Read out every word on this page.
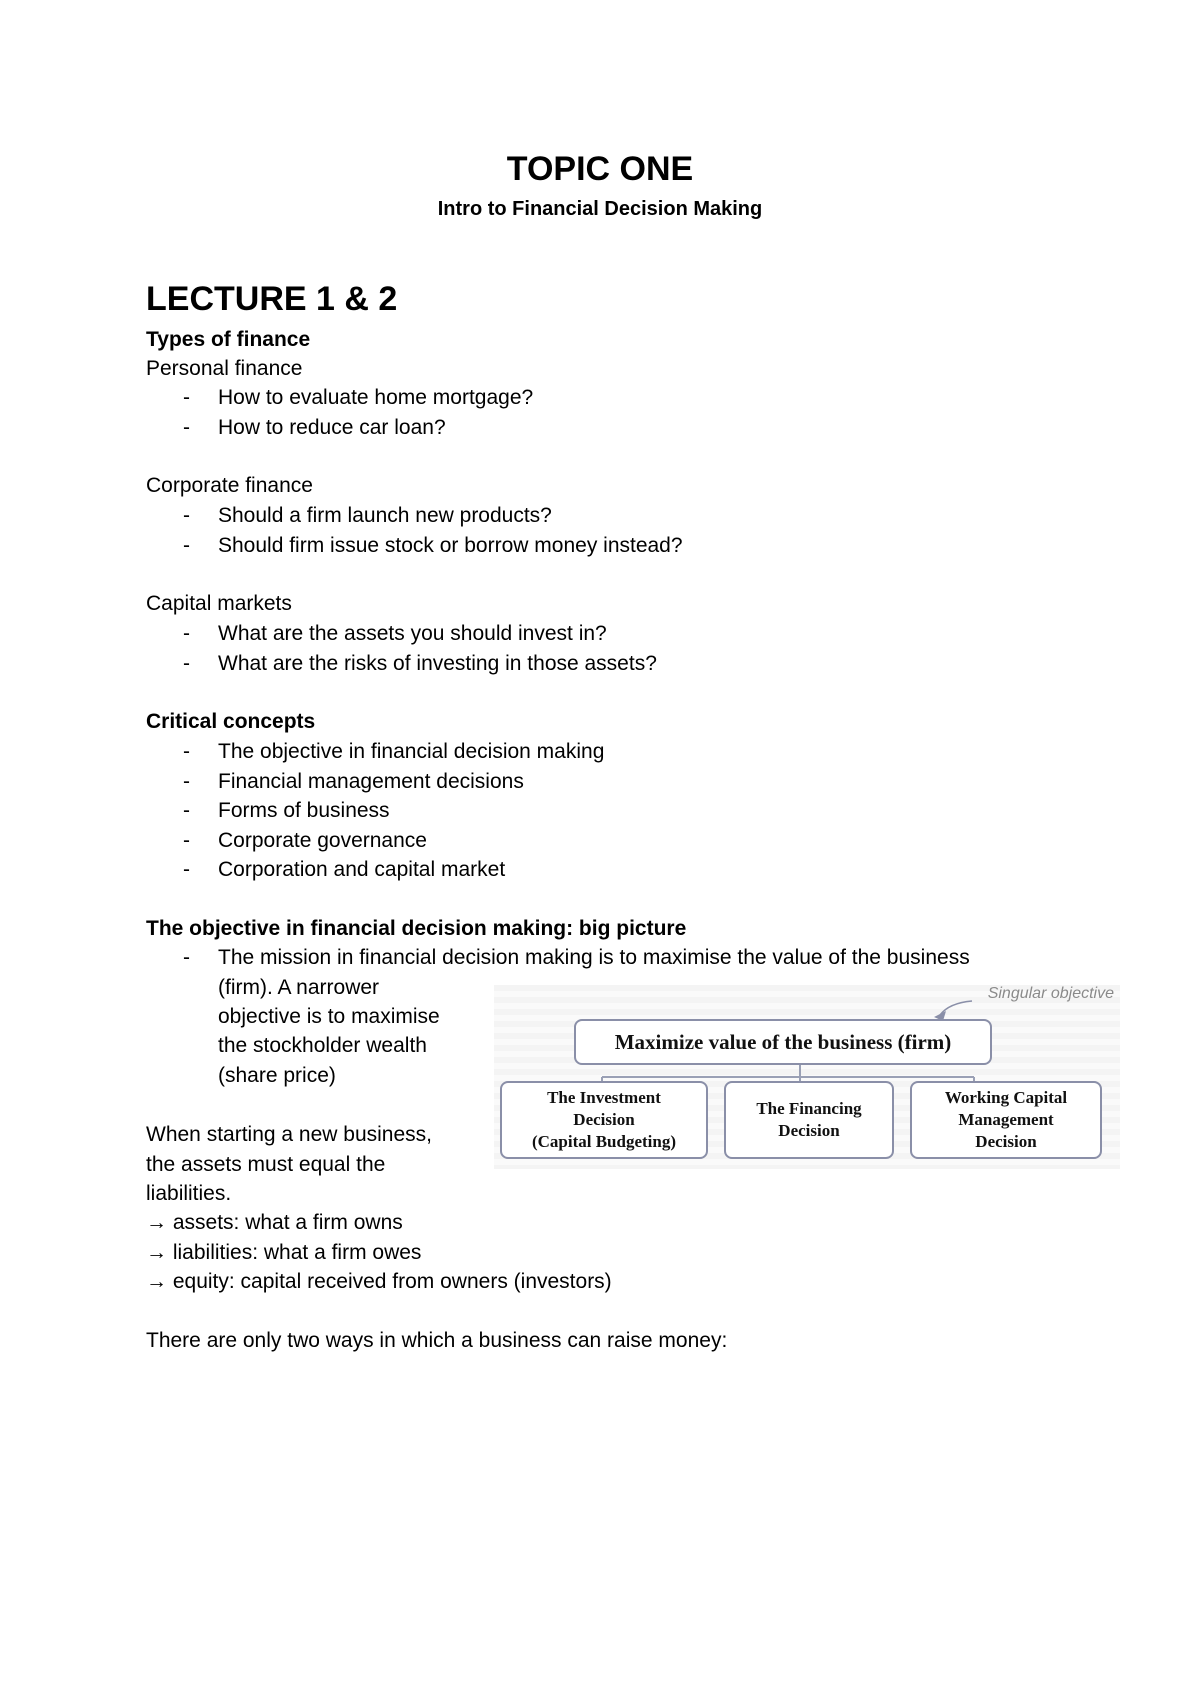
TOPIC ONE
Intro to Financial Decision Making
LECTURE 1 & 2
Types of finance
Personal finance
- How to evaluate home mortgage?
- How to reduce car loan?
Corporate finance
- Should a firm launch new products?
- Should firm issue stock or borrow money instead?
Capital markets
- What are the assets you should invest in?
- What are the risks of investing in those assets?
Critical concepts
- The objective in financial decision making
- Financial management decisions
- Forms of business
- Corporate governance
- Corporation and capital market
The objective in financial decision making: big picture
- The mission in financial decision making is to maximise the value of the business
(firm). A narrower
objective is to maximise
the stockholder wealth
(share price)
When starting a new business,
the assets must equal the
liabilities.
→ assets: what a firm owns
→ liabilities: what a firm owes
→ equity: capital received from owners (investors)
There are only two ways in which a business can raise money:
Singular objective
Maximize value of the business (firm)
The Investment
Decision
(Capital Budgeting)
The Financing
Decision
Working Capital
Management
Decision
